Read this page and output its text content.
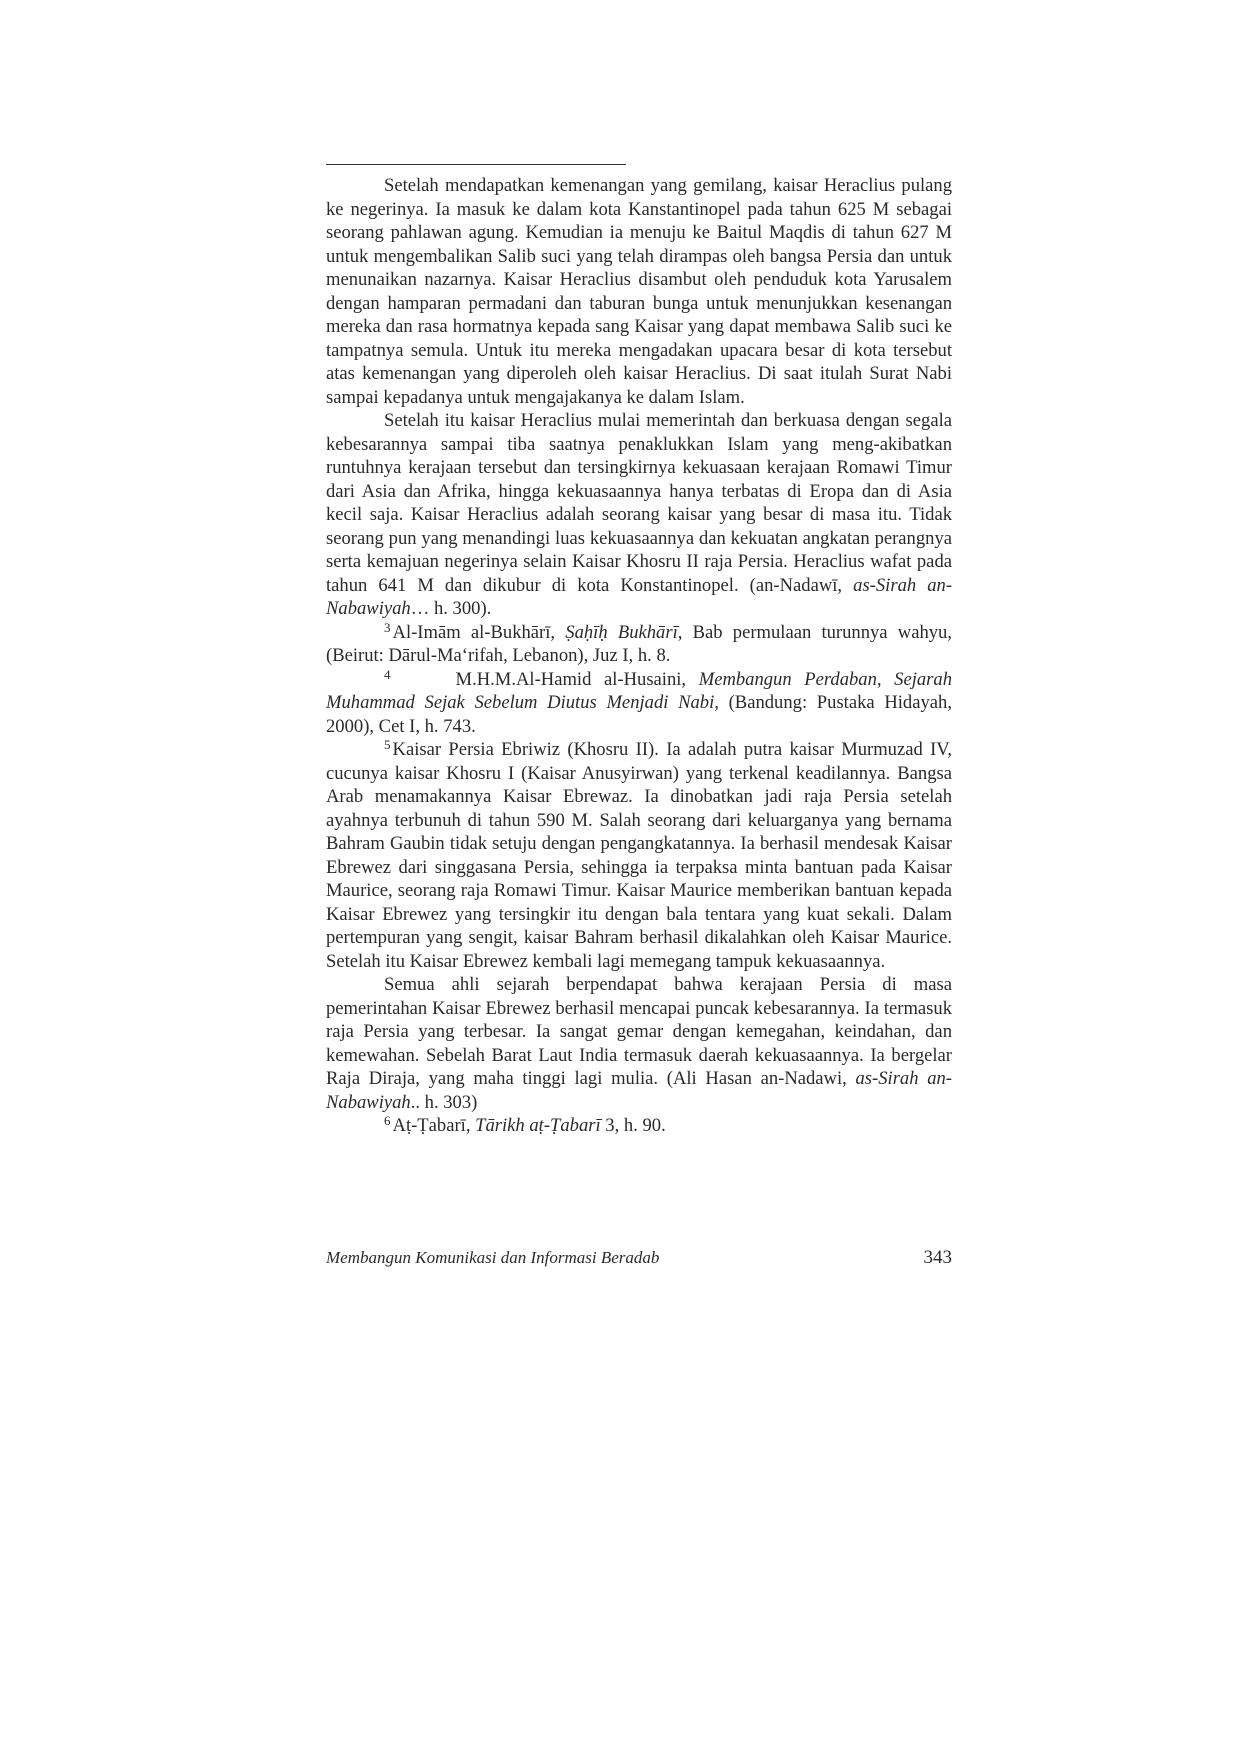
Setelah mendapatkan kemenangan yang gemilang, kaisar Heraclius pulang ke negerinya. Ia masuk ke dalam kota Kanstantinopel pada tahun 625 M sebagai seorang pahlawan agung. Kemudian ia menuju ke Baitul Maqdis di tahun 627 M untuk mengembalikan Salib suci yang telah dirampas oleh bangsa Persia dan untuk menunaikan nazarnya. Kaisar Heraclius disambut oleh penduduk kota Yarusalem dengan hamparan permadani dan taburan bunga untuk menunjukkan kesenangan mereka dan rasa hormatnya kepada sang Kaisar yang dapat membawa Salib suci ke tampatnya semula. Untuk itu mereka mengadakan upacara besar di kota tersebut atas kemenangan yang diperoleh oleh kaisar Heraclius. Di saat itulah Surat Nabi sampai kepadanya untuk mengajakanya ke dalam Islam.

Setelah itu kaisar Heraclius mulai memerintah dan berkuasa dengan segala kebesarannya sampai tiba saatnya penaklukkan Islam yang meng-akibatkan runtuhnya kerajaan tersebut dan tersingkirnya kekuasaan kerajaan Romawi Timur dari Asia dan Afrika, hingga kekuasaannya hanya terbatas di Eropa dan di Asia kecil saja. Kaisar Heraclius adalah seorang kaisar yang besar di masa itu. Tidak seorang pun yang menandingi luas kekuasaannya dan kekuatan angkatan perangnya serta kemajuan negerinya selain Kaisar Khosru II raja Persia. Heraclius wafat pada tahun 641 M dan dikubur di kota Konstantinopel. (an-Nadawī, as-Sirah an-Nabawiyah… h. 300).

$^3$ Al-Imām al-Bukhārī, Ṣaḥīḥ Bukhārī, Bab permulaan turunnya wahyu, (Beirut: Dārul-Ma‘rifah, Lebanon), Juz I, h. 8.

$^4$	M.H.M.Al-Hamid al-Husaini, Membangun Perdaban, Sejarah Muhammad Sejak Sebelum Diutus Menjadi Nabi, (Bandung: Pustaka Hidayah, 2000), Cet I, h. 743.

$^5$ Kaisar Persia Ebriwiz (Khosru II). Ia adalah putra kaisar Murmuzad IV, cucunya kaisar Khosru I (Kaisar Anusyirwan) yang terkenal keadilannya. Bangsa Arab menamakannya Kaisar Ebrewaz. Ia dinobatkan jadi raja Persia setelah ayahnya terbunuh di tahun 590 M. Salah seorang dari keluarganya yang bernama Bahram Gaubin tidak setuju dengan pengangkatannya. Ia berhasil mendesak Kaisar Ebrewez dari singgasana Persia, sehingga ia terpaksa minta bantuan pada Kaisar Maurice, seorang raja Romawi Timur. Kaisar Maurice memberikan bantuan kepada Kaisar Ebrewez yang tersingkir itu dengan bala tentara yang kuat sekali. Dalam pertempuran yang sengit, kaisar Bahram berhasil dikalahkan oleh Kaisar Maurice. Setelah itu Kaisar Ebrewez kembali lagi memegang tampuk kekuasaannya.

Semua ahli sejarah berpendapat bahwa kerajaan Persia di masa pemerintahan Kaisar Ebrewez berhasil mencapai puncak kebesarannya. Ia termasuk raja Persia yang terbesar. Ia sangat gemar dengan kemegahan, keindahan, dan kemewahan. Sebelah Barat Laut India termasuk daerah kekuasaannya. Ia bergelar Raja Diraja, yang maha tinggi lagi mulia. (Ali Hasan an-Nadawi, as-Sirah an-Nabawiyah.. h. 303)

$^6$ Aṭ-Ṭabarī, Tārikh aṭ-Ṭabarī 3, h. 90.

Membangun Komunikasi dan Informasi Beradab	343
